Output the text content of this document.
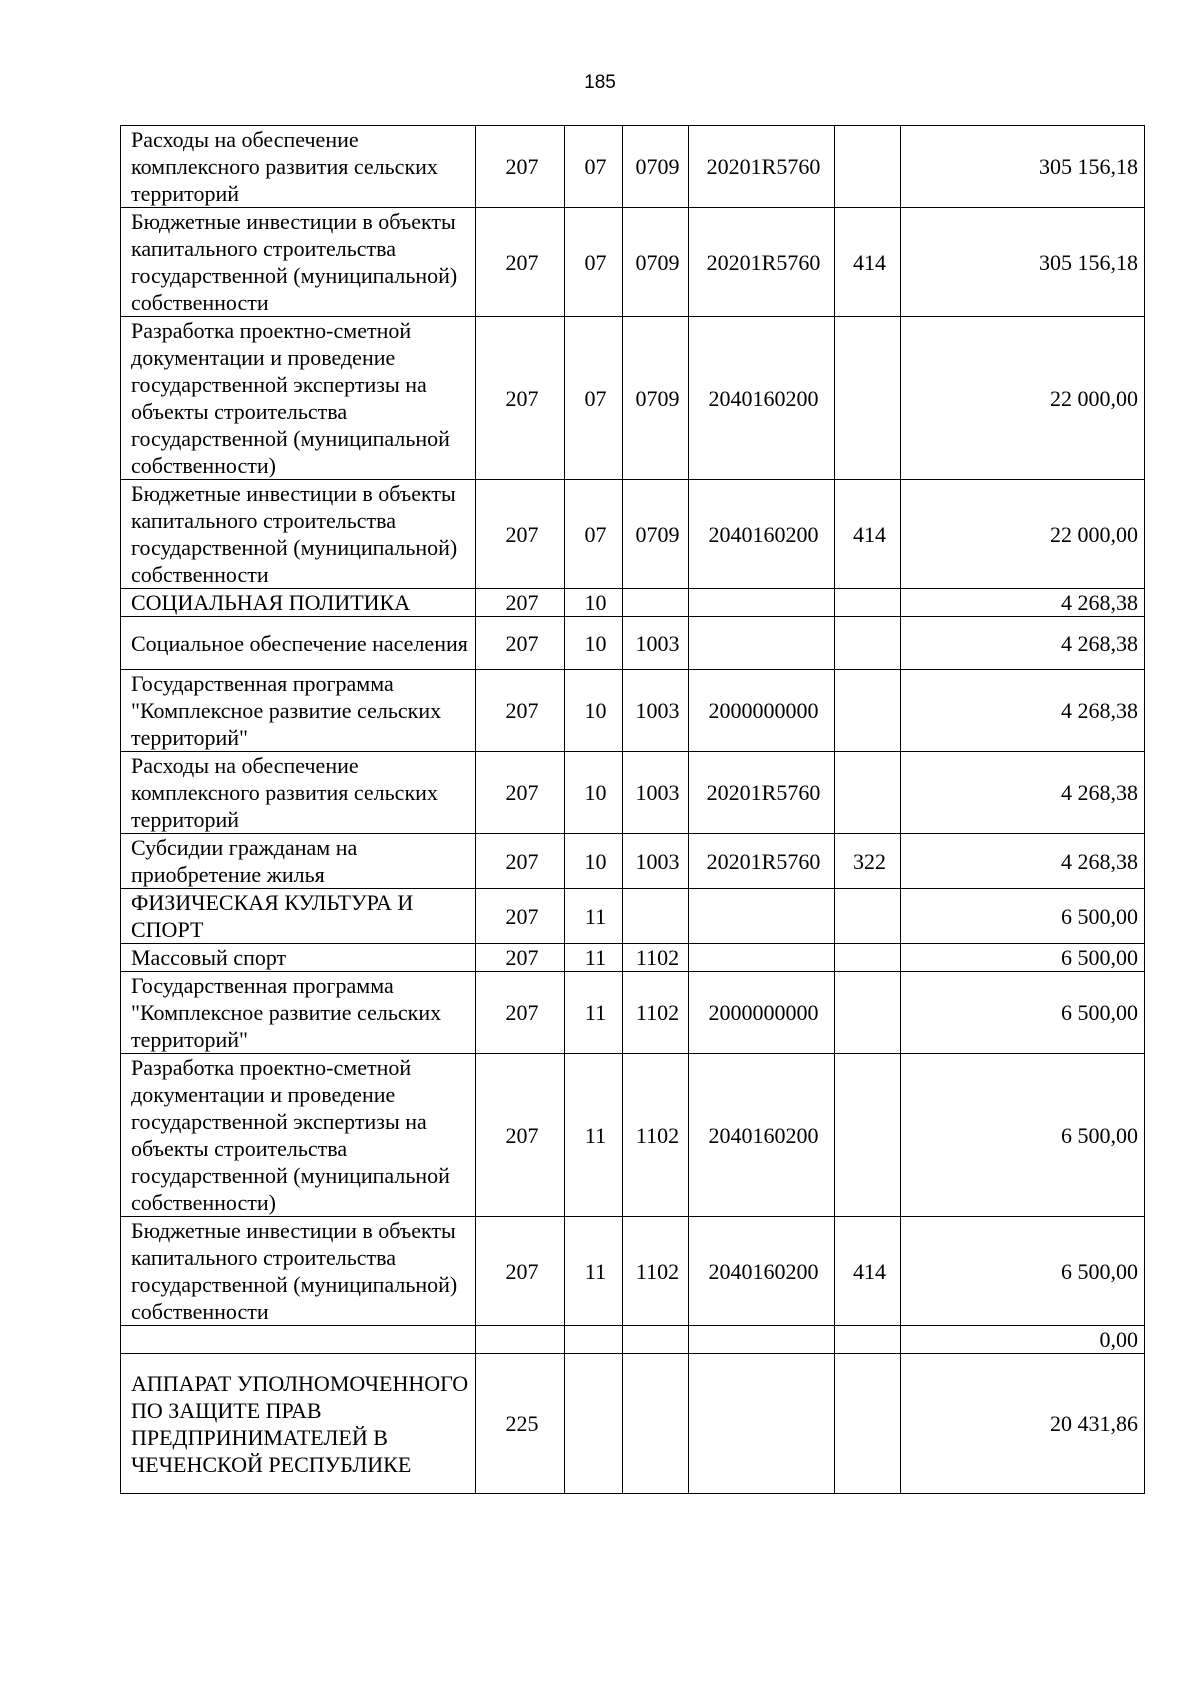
185
Расходы на обеспечение комплексного развития сельских территорий	207	07	0709	20201R5760		305 156,18
Бюджетные инвестиции в объекты капитального строительства государственной (муниципальной) собственности	207	07	0709	20201R5760	414	305 156,18
Разработка проектно-сметной документации и проведение государственной экспертизы на объекты строительства государственной (муниципальной собственности)	207	07	0709	2040160200		22 000,00
Бюджетные инвестиции в объекты капитального строительства государственной (муниципальной) собственности	207	07	0709	2040160200	414	22 000,00
СОЦИАЛЬНАЯ ПОЛИТИКА	207	10				4 268,38
Социальное обеспечение населения	207	10	1003			4 268,38
Государственная программа "Комплексное развитие сельских территорий"	207	10	1003	2000000000		4 268,38
Расходы на обеспечение комплексного развития сельских территорий	207	10	1003	20201R5760		4 268,38
Субсидии гражданам на приобретение жилья	207	10	1003	20201R5760	322	4 268,38
ФИЗИЧЕСКАЯ КУЛЬТУРА И СПОРТ	207	11				6 500,00
Массовый спорт	207	11	1102			6 500,00
Государственная программа "Комплексное развитие сельских территорий"	207	11	1102	2000000000		6 500,00
Разработка проектно-сметной документации и проведение государственной экспертизы на объекты строительства государственной (муниципальной собственности)	207	11	1102	2040160200		6 500,00
Бюджетные инвестиции в объекты капитального строительства государственной (муниципальной) собственности	207	11	1102	2040160200	414	6 500,00
						0,00
АППАРАТ УПОЛНОМОЧЕННОГО ПО ЗАЩИТЕ ПРАВ ПРЕДПРИНИМАТЕЛЕЙ В ЧЕЧЕНСКОЙ РЕСПУБЛИКЕ	225					20 431,86
